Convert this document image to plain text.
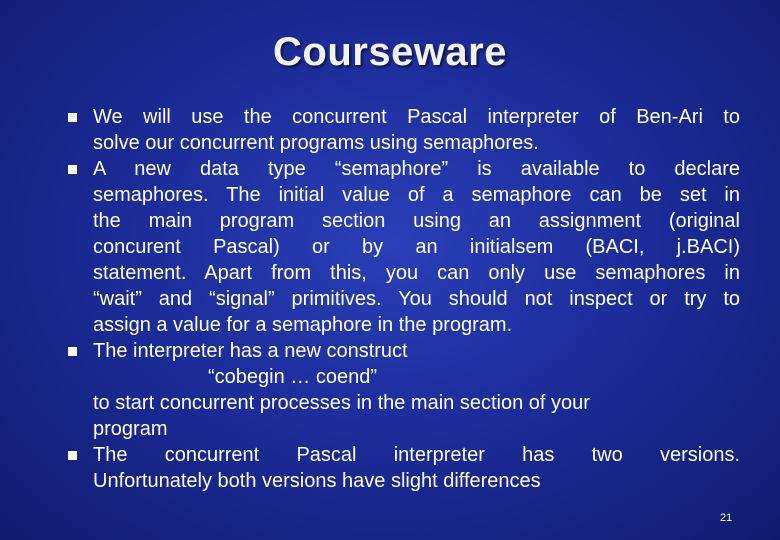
Courseware
We will use the concurrent Pascal interpreter of Ben-Ari to
solve our concurrent programs using semaphores.
A new data type “semaphore” is available to declare
semaphores. The initial value of a semaphore can be set in
the main program section using an assignment (original
concurent Pascal) or by an initialsem (BACI, j.BACI)
statement. Apart from this, you can only use semaphores in
“wait” and “signal” primitives. You should not inspect or try to
assign a value for a semaphore in the program.
The interpreter has a new construct
“cobegin … coend”
to start concurrent processes in the main section of your
program
The concurrent Pascal interpreter has two versions.
Unfortunately both versions have slight differences
21
